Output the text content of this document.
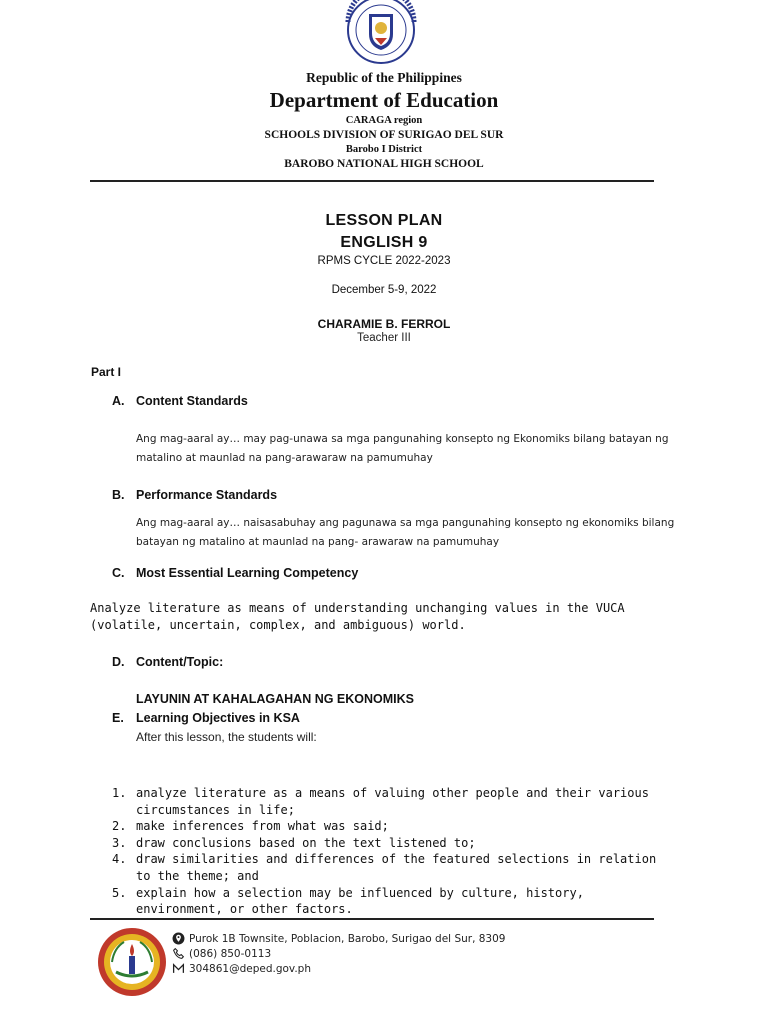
Republic of the Philippines
Department of Education
CARAGA region
SCHOOLS DIVISION OF SURIGAO DEL SUR
Barobo I District
BAROBO NATIONAL HIGH SCHOOL
LESSON PLAN
ENGLISH 9
RPMS CYCLE 2022-2023
December 5-9, 2022
CHARAMIE B. FERROL
Teacher III
Part I
A. Content Standards
Ang mag-aaral ay… may pag-unawa sa mga pangunahing konsepto ng Ekonomiks bilang batayan ng matalino at maunlad na pang-arawaraw na pamumuhay
B. Performance Standards
Ang mag-aaral ay… naisasabuhay ang pagunawa sa mga pangunahing konsepto ng ekonomiks bilang batayan ng matalino at maunlad na pang- arawaraw na pamumuhay
C. Most Essential Learning Competency
Analyze literature as means of understanding unchanging values in the VUCA (volatile, uncertain, complex, and ambiguous) world.
D. Content/Topic:
LAYUNIN AT KAHALAGAHAN NG EKONOMIKS
E. Learning Objectives in KSA
After this lesson, the students will:
1. analyze literature as a means of valuing other people and their various circumstances in life;
2. make inferences from what was said;
3. draw conclusions based on the text listened to;
4. draw similarities and differences of the featured selections in relation to the theme; and
5. explain how a selection may be influenced by culture, history, environment, or other factors.
Purok 1B Townsite, Poblacion, Barobo, Surigao del Sur, 8309
(086) 850-0113
304861@deped.gov.ph
